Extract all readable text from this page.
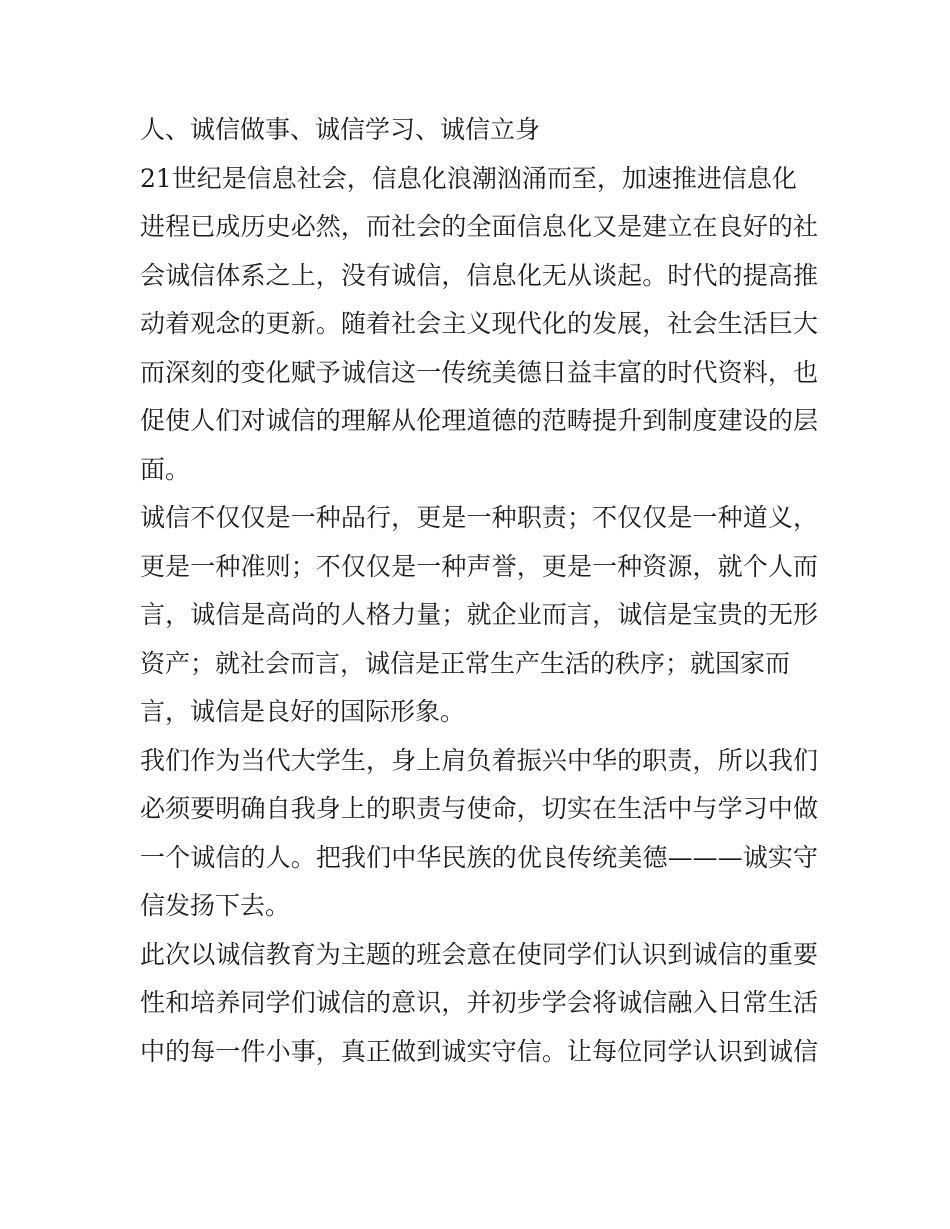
人、诚信做事、诚信学习、诚信立身
21世纪是信息社会，信息化浪潮汹涌而至，加速推进信息化
进程已成历史必然，而社会的全面信息化又是建立在良好的社
会诚信体系之上，没有诚信，信息化无从谈起。时代的提高推
动着观念的更新。随着社会主义现代化的发展，社会生活巨大
而深刻的变化赋予诚信这一传统美德日益丰富的时代资料，也
促使人们对诚信的理解从伦理道德的范畴提升到制度建设的层
面。
诚信不仅仅是一种品行，更是一种职责；不仅仅是一种道义，
更是一种准则；不仅仅是一种声誉，更是一种资源，就个人而
言，诚信是高尚的人格力量；就企业而言，诚信是宝贵的无形
资产；就社会而言，诚信是正常生产生活的秩序；就国家而
言，诚信是良好的国际形象。
我们作为当代大学生，身上肩负着振兴中华的职责，所以我们
必须要明确自我身上的职责与使命，切实在生活中与学习中做
一个诚信的人。把我们中华民族的优良传统美德———诚实守
信发扬下去。
此次以诚信教育为主题的班会意在使同学们认识到诚信的重要
性和培养同学们诚信的意识，并初步学会将诚信融入日常生活
中的每一件小事，真正做到诚实守信。让每位同学认识到诚信
